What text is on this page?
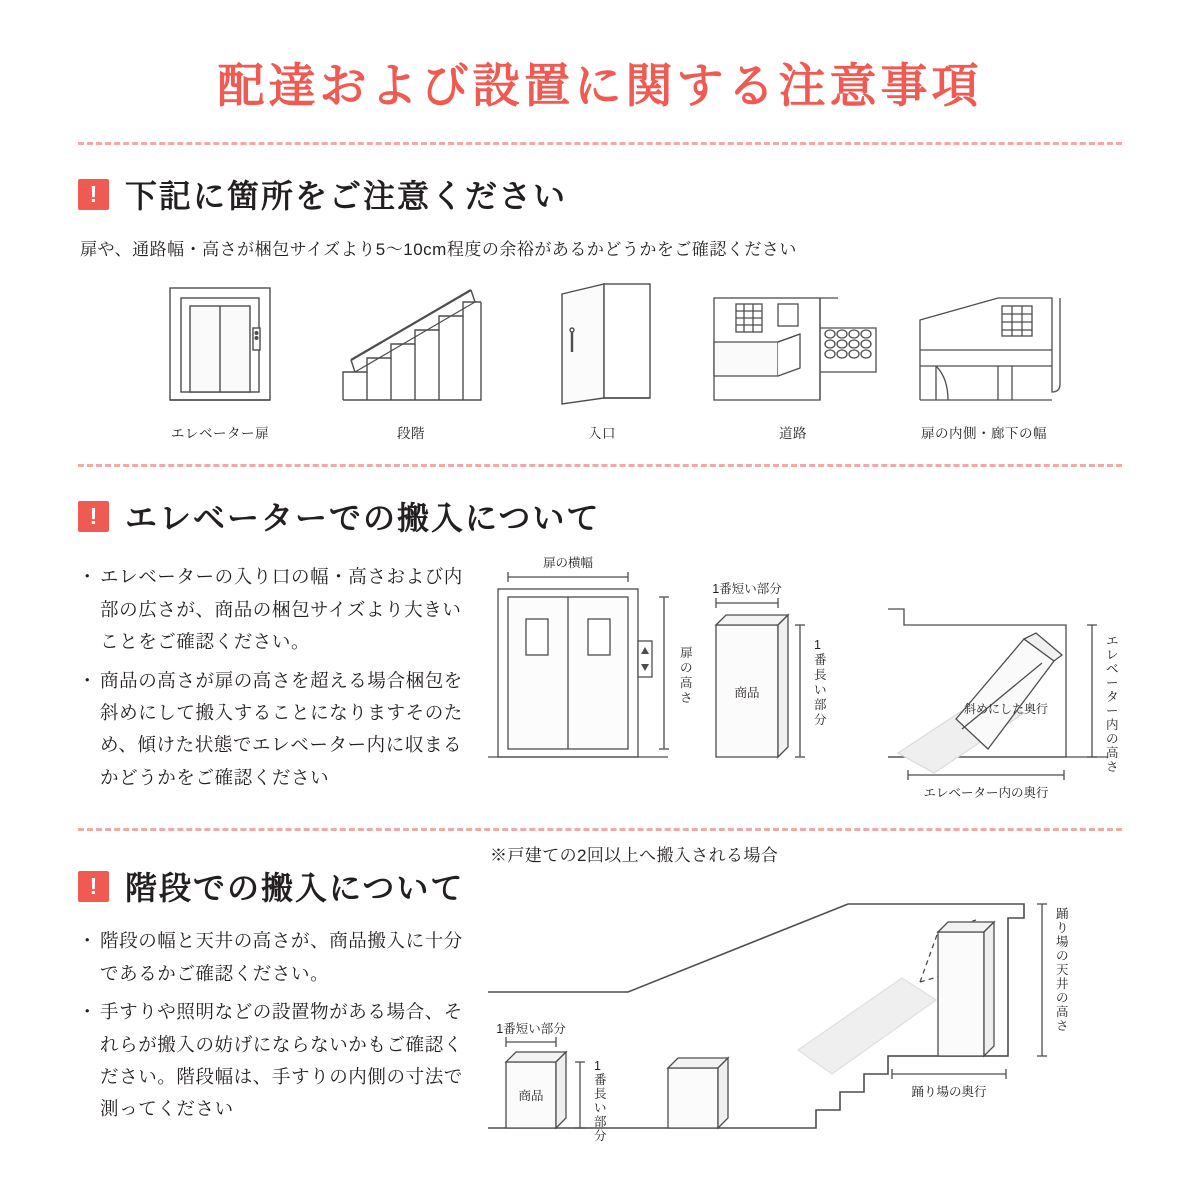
配達および設置に関する注意事項
! 下記に箇所をご注意ください
扉や、通路幅・高さが梱包サイズより5〜10cm程度の余裕があるかどうかをご確認ください
エレベーター扉	段階	入口	道路	扉の内側・廊下の幅
! エレベーターでの搬入について
・ エレベーターの入り口の幅・高さおよび内部の広さが、商品の梱包サイズより大きいことをご確認ください。
・ 商品の高さが扉の高さを超える場合梱包を斜めにして搬入することになりますそのため、傾けた状態でエレベーター内に収まるかどうかをご確認ください
扉の横幅
扉の高さ
1番短い部分
商品
1 番長い部分
斜めにした奥行
エレベーター内の高さ
エレベーター内の奥行
! 階段での搬入について
・ 階段の幅と天井の高さが、商品搬入に十分であるかご確認ください。
・ 手すりや照明などの設置物がある場合、それらが搬入の妨げにならないかもご確認ください。階段幅は、手すりの内側の寸法で測ってください
※戸建ての2回以上へ搬入される場合
1番短い部分
商品
1 番長い部分
踊り場の天井の高さ
踊り場の奥行
